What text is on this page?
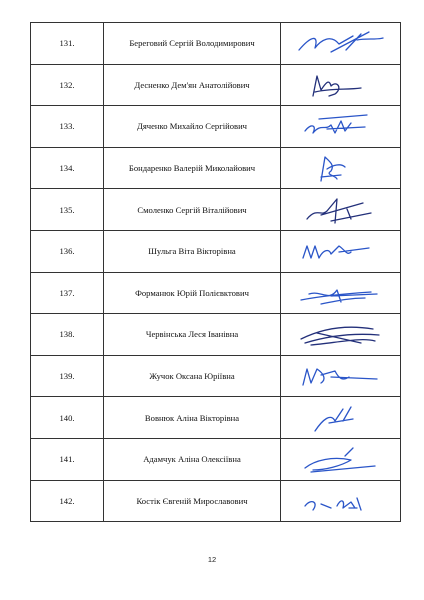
131.	Береговий Сергій Володимирович	

132.	Десненко Дем'ян Анатолійович	

133.	Дяченко Михайло Сергійович	

134.	Бондаренко Валерій Миколайович	

135.	Смоленко Сергій Віталійович	

136.	Шульга Віта Вікторівна	

137.	Форманюк Юрій Полієвктович	

138.	Червінська Леся Іванівна	

139.	Жучок Оксана Юріївна	

140.	Вовнюк Аліна Вікторівна	

141.	Адамчук Аліна Олексіївна	

142.	Костік Євгеній Мирославович	
12
